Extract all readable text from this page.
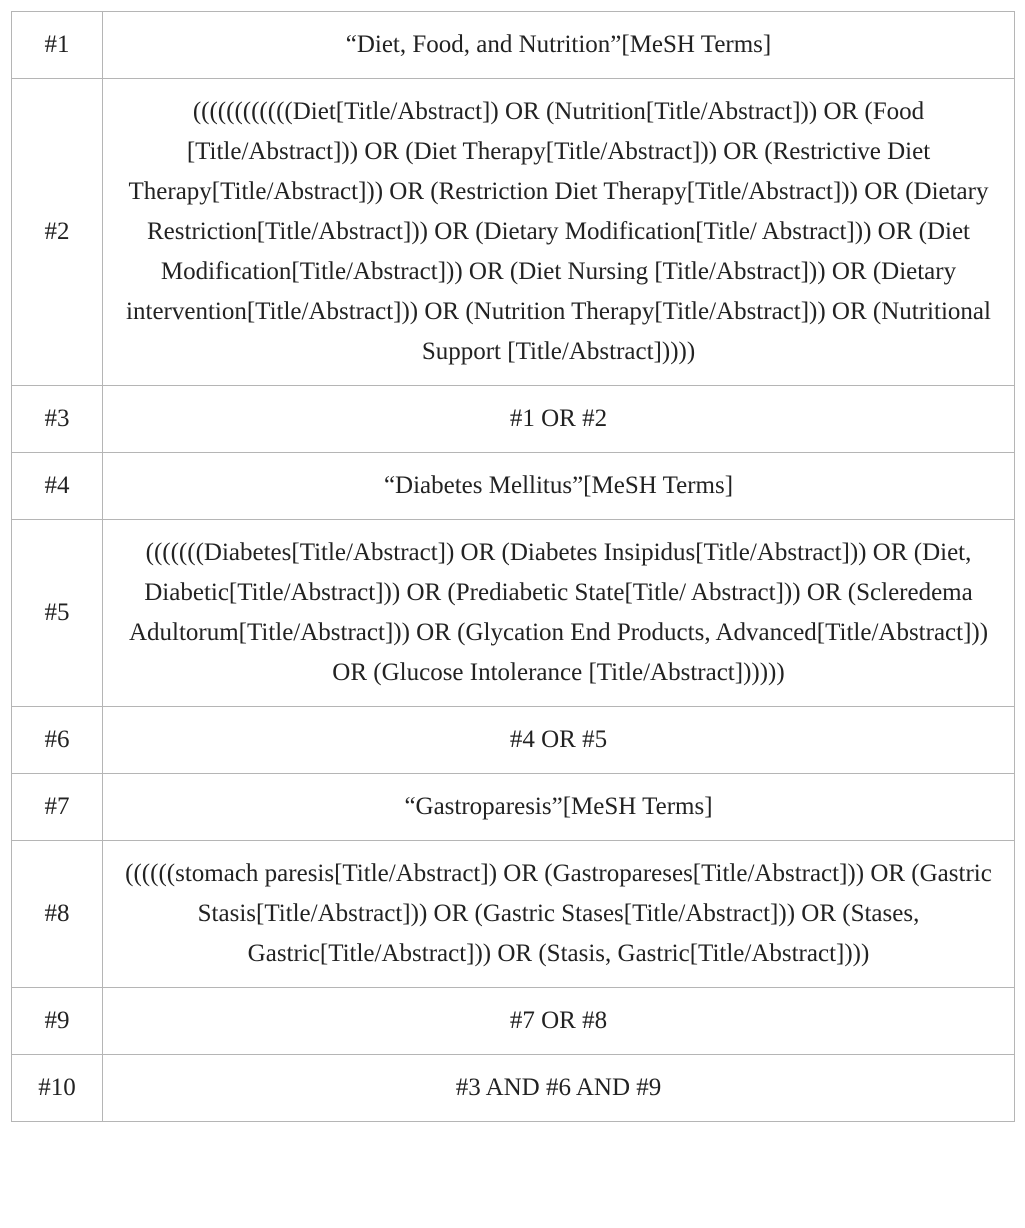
#1	“Diet, Food, and Nutrition”[MeSH Terms]
#2	((((((((((((Diet[Title/Abstract]) OR (Nutrition[Title/Abstract])) OR (Food [Title/Abstract])) OR (Diet Therapy[Title/Abstract])) OR (Restrictive Diet Therapy[Title/Abstract])) OR (Restriction Diet Therapy[Title/Abstract])) OR (Dietary Restriction[Title/Abstract])) OR (Dietary Modification[Title/ Abstract])) OR (Diet Modification[Title/Abstract])) OR (Diet Nursing [Title/Abstract])) OR (Dietary intervention[Title/Abstract])) OR (Nutrition Therapy[Title/Abstract])) OR (Nutritional Support [Title/Abstract]))))
#3	#1 OR #2
#4	“Diabetes Mellitus”[MeSH Terms]
#5	(((((((Diabetes[Title/Abstract]) OR (Diabetes Insipidus[Title/Abstract])) OR (Diet, Diabetic[Title/Abstract])) OR (Prediabetic State[Title/ Abstract])) OR (Scleredema Adultorum[Title/Abstract])) OR (Glycation End Products, Advanced[Title/Abstract])) OR (Glucose Intolerance [Title/Abstract])))))
#6	#4 OR #5
#7	“Gastroparesis”[MeSH Terms]
#8	((((((stomach paresis[Title/Abstract]) OR (Gastropareses[Title/Abstract])) OR (Gastric Stasis[Title/Abstract])) OR (Gastric Stases[Title/Abstract])) OR (Stases, Gastric[Title/Abstract])) OR (Stasis, Gastric[Title/Abstract])))
#9	#7 OR #8
#10	#3 AND #6 AND #9
